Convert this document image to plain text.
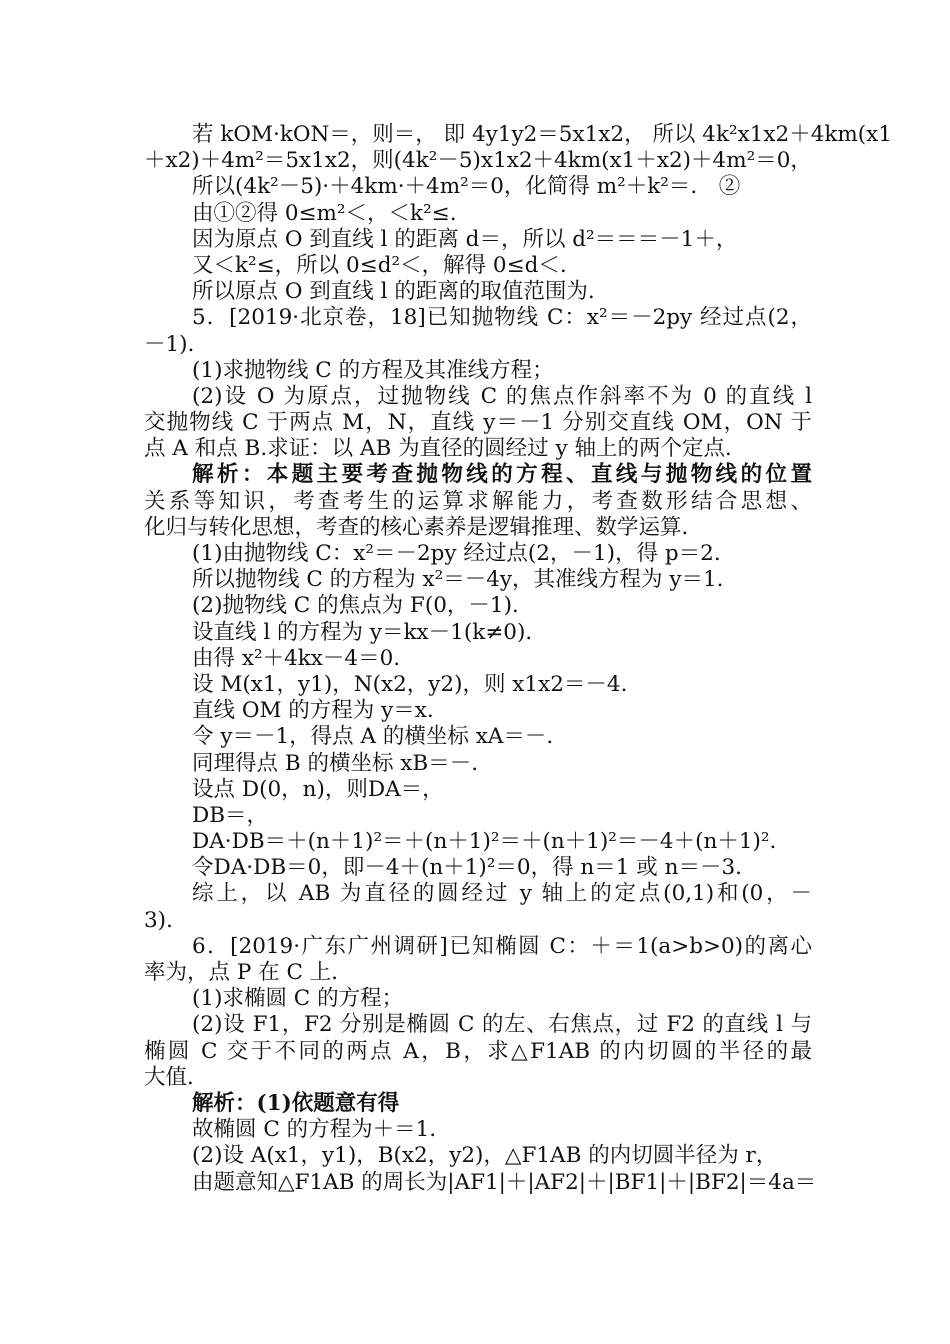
若 kOM·kON＝，则＝， 即 4y1y2＝5x1x2， 所以 4k²x1x2＋4km(x1
＋x2)＋4m²＝5x1x2，则(4k²－5)x1x2＋4km(x1＋x2)＋4m²＝0，
所以(4k²－5)·＋4km·＋4m²＝0，化简得 m²＋k²＝.　②
由①②得 0≤m²＜，＜k²≤.
因为原点 O 到直线 l 的距离 d＝，所以 d²＝＝＝－1＋，
又＜k²≤，所以 0≤d²＜，解得 0≤d＜.
所以原点 O 到直线 l 的距离的取值范围为.
5．[2019·北京卷，18]已知抛物线 C：x²＝－2py 经过点(2，
－1)．
(1)求抛物线 C 的方程及其准线方程；
(2)设 O 为原点，过抛物线 C 的焦点作斜率不为 0 的直线 l
交抛物线 C 于两点 M，N，直线 y＝－1 分别交直线 OM，ON 于
点 A 和点 B.求证：以 AB 为直径的圆经过 y 轴上的两个定点．
解析：本题主要考查抛物线的方程、直线与抛物线的位置
关系等知识，考查考生的运算求解能力，考查数形结合思想、
化归与转化思想，考查的核心素养是逻辑推理、数学运算．
(1)由抛物线 C：x²＝－2py 经过点(2，－1)，得 p＝2.
所以抛物线 C 的方程为 x²＝－4y，其准线方程为 y＝1.
(2)抛物线 C 的焦点为 F(0，－1)．
设直线 l 的方程为 y＝kx－1(k≠0)．
由得 x²＋4kx－4＝0.
设 M(x1，y1)，N(x2，y2)，则 x1x2＝－4.
直线 OM 的方程为 y＝x.
令 y＝－1，得点 A 的横坐标 xA＝－.
同理得点 B 的横坐标 xB＝－.
设点 D(0，n)，则DA＝，
DB＝，
DA·DB＝＋(n＋1)²＝＋(n＋1)²＝＋(n＋1)²＝－4＋(n＋1)².
令DA·DB＝0，即－4＋(n＋1)²＝0，得 n＝1 或 n＝－3.
综上，以 AB 为直径的圆经过 y 轴上的定点(0,1)和(0，－
3)．
6．[2019·广东广州调研]已知椭圆 C：＋＝1(a>b>0)的离心
率为，点 P 在 C 上．
(1)求椭圆 C 的方程；
(2)设 F1，F2 分别是椭圆 C 的左、右焦点，过 F2 的直线 l 与
椭圆 C 交于不同的两点 A，B，求△F1AB 的内切圆的半径的最
大值．
解析：(1)依题意有得
故椭圆 C 的方程为＋＝1.
(2)设 A(x1，y1)，B(x2，y2)，△F1AB 的内切圆半径为 r，
由题意知△F1AB 的周长为|AF1|＋|AF2|＋|BF1|＋|BF2|＝4a＝
